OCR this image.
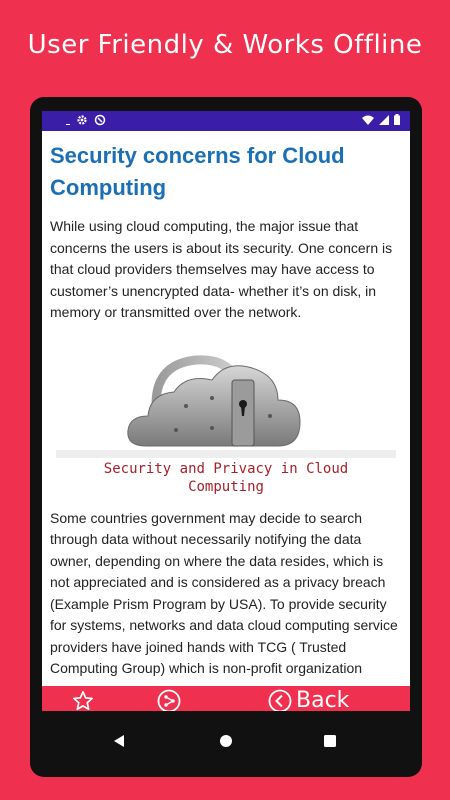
User Friendly & Works Offline
Security concerns for Cloud Computing

While using cloud computing, the major issue that concerns the users is about its security. One concern is that cloud providers themselves may have access to customer’s unencrypted data- whether it’s on disk, in memory or transmitted over the network.

Security and Privacy in Cloud
Computing

Some countries government may decide to search through data without necessarily notifying the data owner, depending on where the data resides, which is not appreciated and is considered as a privacy breach (Example Prism Program by USA). To provide security for systems, networks and data cloud computing service providers have joined hands with TCG ( Trusted Computing Group) which is non-profit organization

Back
